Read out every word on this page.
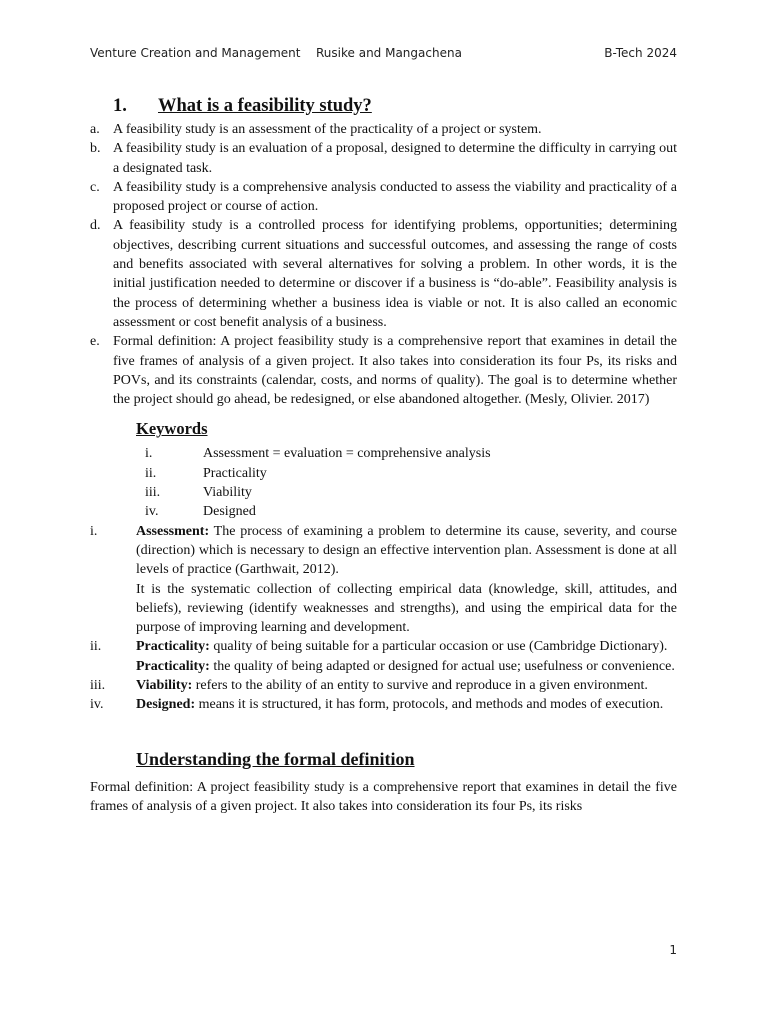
Venture Creation and Management Rusike and Mangachena	B-Tech 2024
1. What is a feasibility study?
a. A feasibility study is an assessment of the practicality of a project or system.
b. A feasibility study is an evaluation of a proposal, designed to determine the difficulty in carrying out a designated task.
c. A feasibility study is a comprehensive analysis conducted to assess the viability and practicality of a proposed project or course of action.
d. A feasibility study is a controlled process for identifying problems, opportunities; determining objectives, describing current situations and successful outcomes, and assessing the range of costs and benefits associated with several alternatives for solving a problem. In other words, it is the initial justification needed to determine or discover if a business is “do-able”. Feasibility analysis is the process of determining whether a business idea is viable or not. It is also called an economic assessment or cost benefit analysis of a business.
e. Formal definition: A project feasibility study is a comprehensive report that examines in detail the five frames of analysis of a given project. It also takes into consideration its four Ps, its risks and POVs, and its constraints (calendar, costs, and norms of quality). The goal is to determine whether the project should go ahead, be redesigned, or else abandoned altogether. (Mesly, Olivier. 2017)
Keywords
i.	Assessment = evaluation = comprehensive analysis
ii.	Practicality
iii.	Viability
iv.	Designed
i.	Assessment: The process of examining a problem to determine its cause, severity, and course (direction) which is necessary to design an effective intervention plan. Assessment is done at all levels of practice (Garthwait, 2012).

It is the systematic collection of collecting empirical data (knowledge, skill, attitudes, and beliefs), reviewing (identify weaknesses and strengths), and using the empirical data for the purpose of improving learning and development.

ii. Practicality: quality of being suitable for a particular occasion or use (Cambridge Dictionary).

Practicality: the quality of being adapted or designed for actual use; usefulness or convenience.

iii. Viability: refers to the ability of an entity to survive and reproduce in a given environment.

iv. Designed: means it is structured, it has form, protocols, and methods and modes of execution.

Understanding the formal definition

Formal definition: A project feasibility study is a comprehensive report that examines in detail the five frames of analysis of a given project. It also takes into consideration its four Ps, its risks

1
